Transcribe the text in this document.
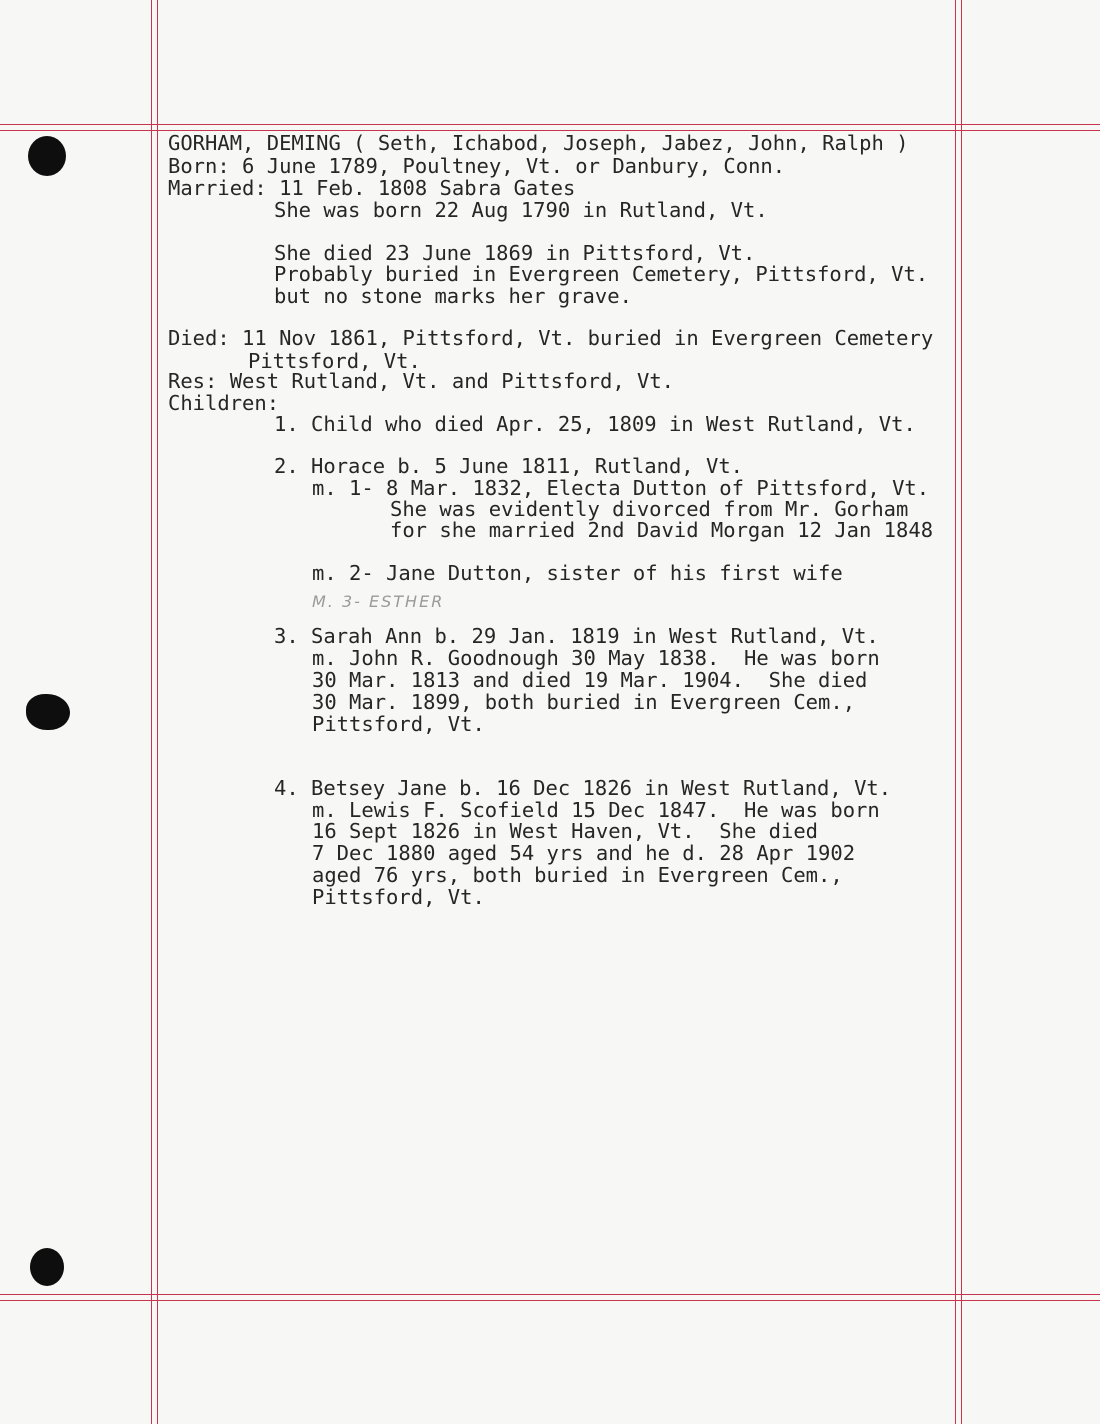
GORHAM, DEMING ( Seth, Ichabod, Joseph, Jabez, John, Ralph )
Born: 6 June 1789, Poultney, Vt. or Danbury, Conn.
Married: 11 Feb. 1808 Sabra Gates
She was born 22 Aug 1790 in Rutland, Vt.
She died 23 June 1869 in Pittsford, Vt.
Probably buried in Evergreen Cemetery, Pittsford, Vt.
but no stone marks her grave.
Died: 11 Nov 1861, Pittsford, Vt. buried in Evergreen Cemetery
Pittsford, Vt.
Res: West Rutland, Vt. and Pittsford, Vt.
Children:
1. Child who died Apr. 25, 1809 in West Rutland, Vt.
2. Horace b. 5 June 1811, Rutland, Vt.
m. 1- 8 Mar. 1832, Electa Dutton of Pittsford, Vt.
She was evidently divorced from Mr. Gorham
for she married 2nd David Morgan 12 Jan 1848
m. 2- Jane Dutton, sister of his first wife
M. 3- ESTHER
3. Sarah Ann b. 29 Jan. 1819 in West Rutland, Vt.
m. John R. Goodnough 30 May 1838.  He was born
30 Mar. 1813 and died 19 Mar. 1904.  She died
30 Mar. 1899, both buried in Evergreen Cem.,
Pittsford, Vt.
4. Betsey Jane b. 16 Dec 1826 in West Rutland, Vt.
m. Lewis F. Scofield 15 Dec 1847.  He was born
16 Sept 1826 in West Haven, Vt.  She died
7 Dec 1880 aged 54 yrs and he d. 28 Apr 1902
aged 76 yrs, both buried in Evergreen Cem.,
Pittsford, Vt.
